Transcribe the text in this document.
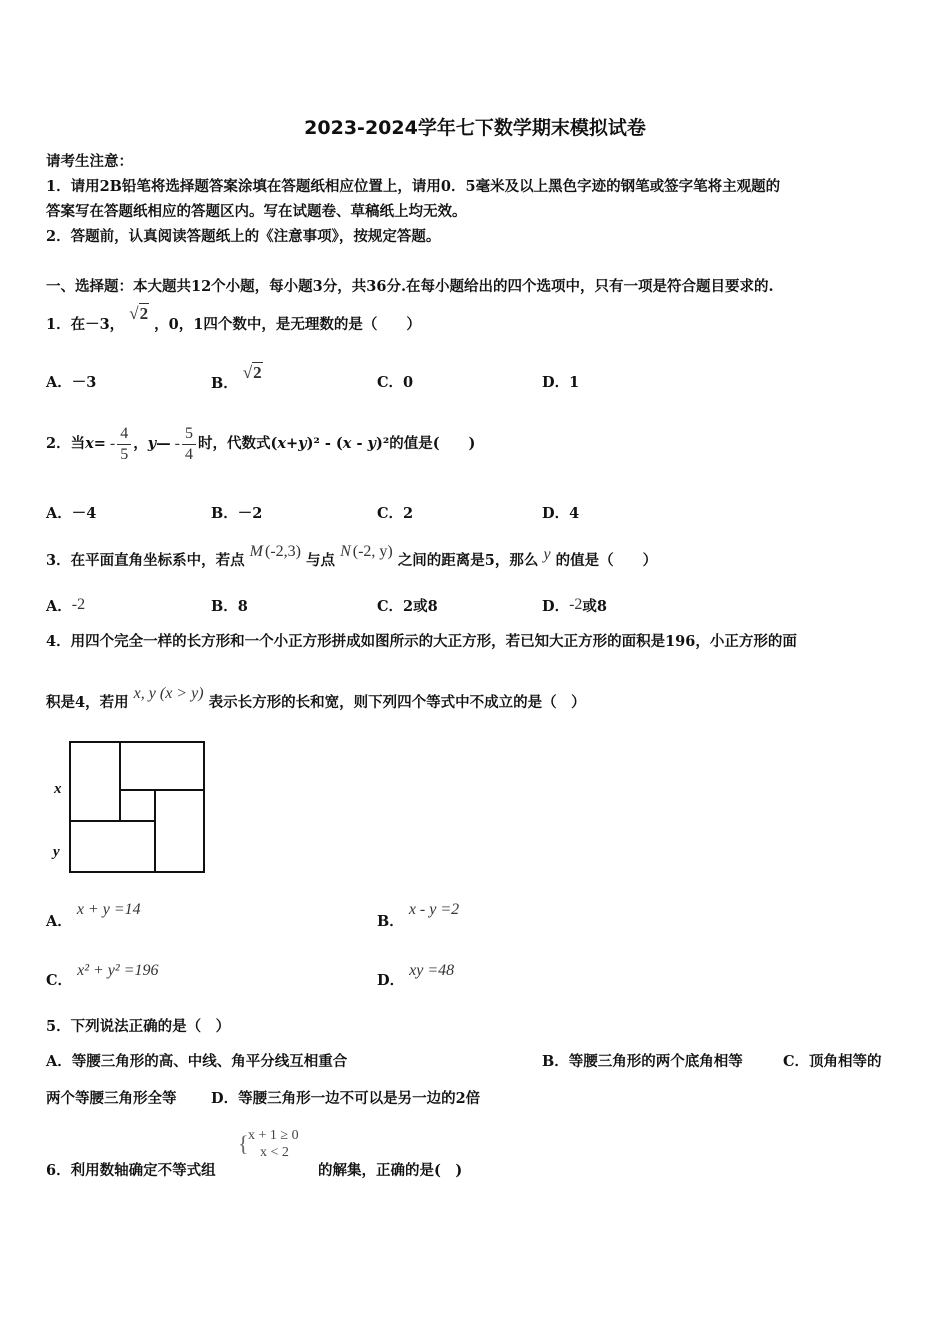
2023-2024学年七下数学期末模拟试卷
请考生注意：
1．请用2B铅笔将选择题答案涂填在答题纸相应位置上，请用0．5毫米及以上黑色字迹的钢笔或签字笔将主观题的
答案写在答题纸相应的答题区内。写在试题卷、草稿纸上均无效。
2．答题前，认真阅读答题纸上的《注意事项》，按规定答题。
一、选择题：本大题共12个小题，每小题3分，共36分.在每小题给出的四个选项中，只有一项是符合题目要求的.
1．在－3， √2 ，0，1四个数中，是无理数的是（　　）
A．－3	B． √2
C．0	D．1
2．当 x = - $\frac{4}{5}$ ， y — - $\frac{5}{4}$ 时，代数式( x+y )² - ( x - y )²的值是(　　)
A．－4	B．－2	C．2	D．4
3．在平面直角坐标系中，若点 M (-2,3) 与点 N (-2, y) 之间的距离是5，那么 y 的值是（　　）
A．-2	B．8	C．2或8	D．-2或8
4．用四个完全一样的长方形和一个小正方形拼成如图所示的大正方形，若已知大正方形的面积是196，小正方形的面
积是4，若用 x, y (x > y) 表示长方形的长和宽，则下列四个等式中不成立的是（　）
x
y
A． x + y =14
B． x - y =2
C． x² + y² =196
D． xy =48
5．下列说法正确的是（　）
A．等腰三角形的高、中线、角平分线互相重合	B．等腰三角形的两个底角相等	C．顶角相等的
两个等腰三角形全等 D．等腰三角形一边不可以是另一边的2倍
6．利用数轴确定不等式组
{ x + 1 ≥ 0
x < 2
的解集，正确的是(　)
